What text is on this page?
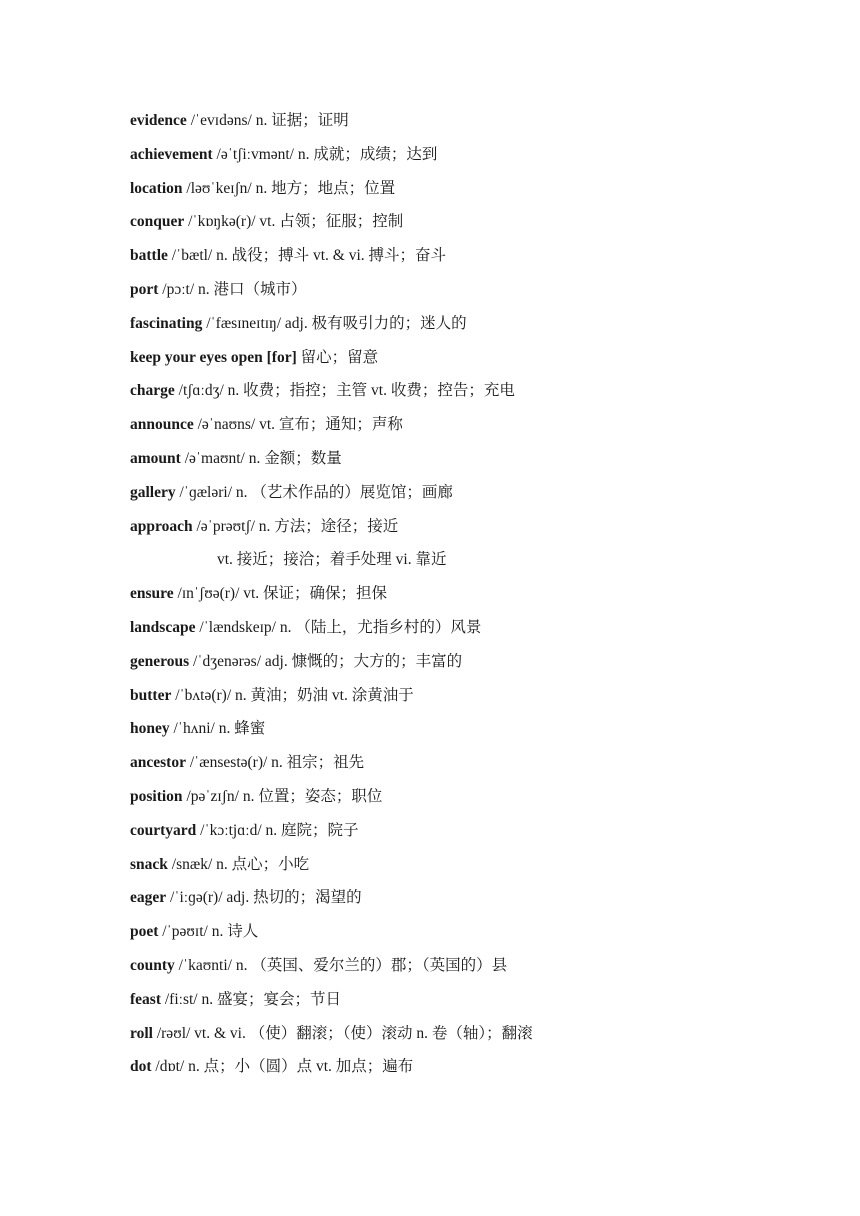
evidence /ˈevɪdəns/ n. 证据；证明
achievement /əˈtʃiːvmənt/ n. 成就；成绩；达到
location /ləʊˈkeɪʃn/ n. 地方；地点；位置
conquer /ˈkɒŋkə(r)/ vt. 占领；征服；控制
battle /ˈbætl/ n. 战役；搏斗 vt. & vi. 搏斗；奋斗
port /pɔːt/ n. 港口（城市）
fascinating /ˈfæsɪneɪtɪŋ/ adj. 极有吸引力的；迷人的
keep your eyes open [for] 留心；留意
charge /tʃɑːdʒ/ n. 收费；指控；主管 vt. 收费；控告；充电
announce /əˈnaʊns/ vt. 宣布；通知；声称
amount /əˈmaʊnt/ n. 金额；数量
gallery /ˈɡæləri/ n. （艺术作品的）展览馆；画廊
approach /əˈprəʊtʃ/ n. 方法；途径；接近
vt. 接近；接洽；着手处理 vi. 靠近
ensure /ɪnˈʃʊə(r)/ vt. 保证；确保；担保
landscape /ˈlændskeɪp/ n. （陆上，尤指乡村的）风景
generous /ˈdʒenərəs/ adj. 慷慨的；大方的；丰富的
butter /ˈbʌtə(r)/ n. 黄油；奶油 vt. 涂黄油于
honey /ˈhʌni/ n. 蜂蜜
ancestor /ˈænsestə(r)/ n. 祖宗；祖先
position /pəˈzɪʃn/ n. 位置；姿态；职位
courtyard /ˈkɔːtjɑːd/ n. 庭院；院子
snack /snæk/ n. 点心；小吃
eager /ˈiːɡə(r)/ adj. 热切的；渴望的
poet /ˈpəʊɪt/ n. 诗人
county /ˈkaʊnti/ n. （英国、爱尔兰的）郡；（英国的）县
feast /fiːst/ n. 盛宴；宴会；节日
roll /rəʊl/ vt. & vi. （使）翻滚；（使）滚动 n. 卷（轴）；翻滚
dot /dɒt/ n. 点；小（圆）点 vt. 加点；遍布
